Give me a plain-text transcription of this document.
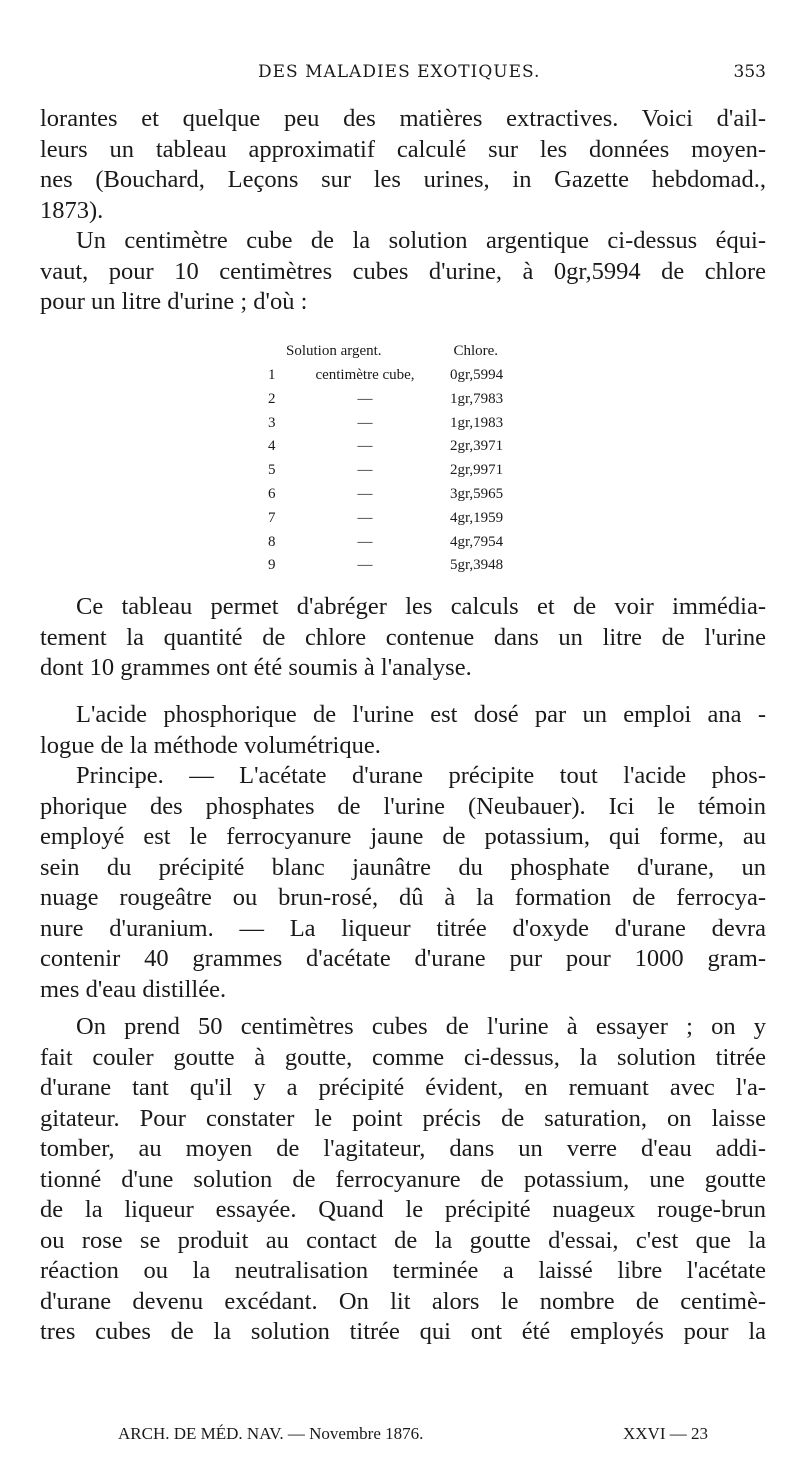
DES MALADIES EXOTIQUES.	353
lorantes et quelque peu des matières extractives. Voici d'ail-
leurs un tableau approximatif calculé sur les données moyen-
nes (Bouchard, Leçons sur les urines, in Gazette hebdomad.,
1873).
Un centimètre cube de la solution argentique ci-dessus équi-
vaut, pour 10 centimètres cubes d'urine, à 0gr,5994 de chlore
pour un litre d'urine ; d'où :
Solution argent.	Chlore.
1	centimètre cube,	0gr,5994
2	—	1gr,7983
3	—	1gr,1983
4	—	2gr,3971
5	—	2gr,9971
6	—	3gr,5965
7	—	4gr,1959
8	—	4gr,7954
9	—	5gr,3948
Ce tableau permet d'abréger les calculs et de voir immédia-
tement la quantité de chlore contenue dans un litre de l'urine
dont 10 grammes ont été soumis à l'analyse.
L'acide phosphorique de l'urine est dosé par un emploi ana -
logue de la méthode volumétrique.
Principe. — L'acétate d'urane précipite tout l'acide phos-
phorique des phosphates de l'urine (Neubauer). Ici le témoin
employé est le ferrocyanure jaune de potassium, qui forme, au
sein du précipité blanc jaunâtre du phosphate d'urane, un
nuage rougeâtre ou brun-rosé, dû à la formation de ferrocya-
nure d'uranium. — La liqueur titrée d'oxyde d'urane devra
contenir 40 grammes d'acétate d'urane pur pour 1000 gram-
mes d'eau distillée.
On prend 50 centimètres cubes de l'urine à essayer ; on y
fait couler goutte à goutte, comme ci-dessus, la solution titrée
d'urane tant qu'il y a précipité évident, en remuant avec l'a-
gitateur. Pour constater le point précis de saturation, on laisse
tomber, au moyen de l'agitateur, dans un verre d'eau addi-
tionné d'une solution de ferrocyanure de potassium, une goutte
de la liqueur essayée. Quand le précipité nuageux rouge-brun
ou rose se produit au contact de la goutte d'essai, c'est que la
réaction ou la neutralisation terminée a laissé libre l'acétate
d'urane devenu excédant. On lit alors le nombre de centimè-
tres cubes de la solution titrée qui ont été employés pour la
ARCH. DE MÉD. NAV. — Novembre 1876.	XXVI — 23
